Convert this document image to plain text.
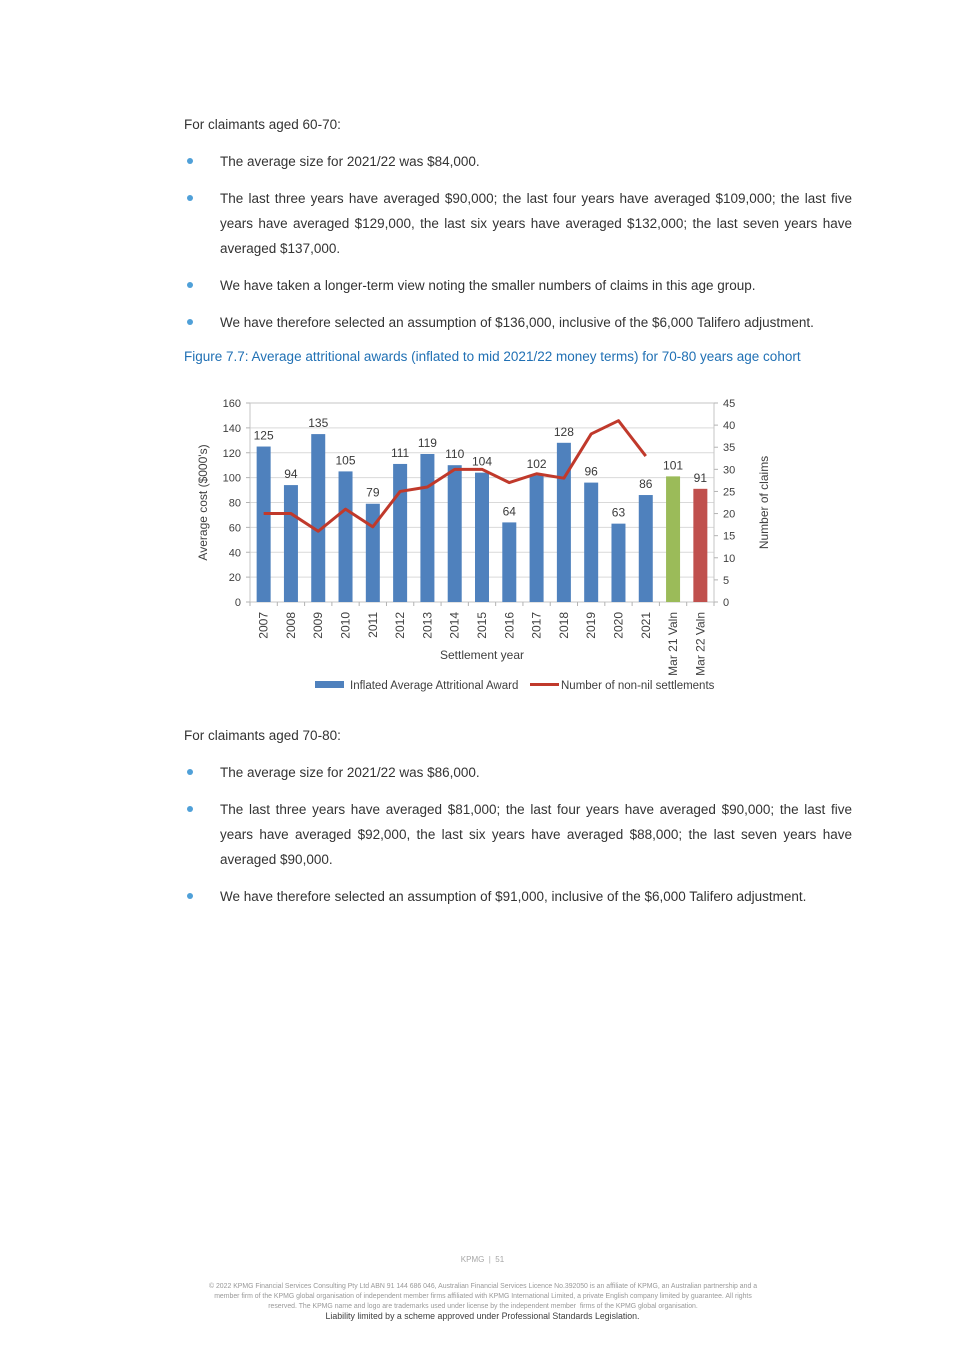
For claimants aged 60-70:

The average size for 2021/22 was $84,000.
The last three years have averaged $90,000; the last four years have averaged $109,000; the last five years have averaged $129,000, the last six years have averaged $132,000; the last seven years have averaged $137,000.
We have taken a longer-term view noting the smaller numbers of claims in this age group.
We have therefore selected an assumption of $136,000, inclusive of the $6,000 Talifero adjustment.
Figure 7.7: Average attritional awards (inflated to mid 2021/22 money terms) for 70-80 years age cohort
0
20
40
60
80
100
120
140
160
0
5
10
15
20
25
30
35
40
45
125
94
135
105
79
111
119
110
104
64
102
128
96
63
86
101
91
2007 2008 2009 2010 2011 2012 2013 2014 2015 2016 2017 2018 2019 2020 2021 Mar 21 Valn Mar 22 Valn
Average cost ($000's)	Number of claims
Settlement year
Inflated Average Attritional Award	Number of non-nil settlements

For claimants aged 70-80:

The average size for 2021/22 was $86,000.
The last three years have averaged $81,000; the last four years have averaged $90,000; the last five years have averaged $92,000, the last six years have averaged $88,000; the last seven years have averaged $90,000.
We have therefore selected an assumption of $91,000, inclusive of the $6,000 Talifero adjustment.
KPMG  |  51
© 2022 KPMG Financial Services Consulting Pty Ltd ABN 91 144 686 046, Australian Financial Services Licence No.392050 is an affiliate of KPMG, an Australian partnership and a
member firm of the KPMG global organisation of independent member firms affiliated with KPMG International Limited, a private English company limited by guarantee. All rights
reserved. The KPMG name and logo are trademarks used under license by the independent member  firms of the KPMG global organisation.
Liability limited by a scheme approved under Professional Standards Legislation.
